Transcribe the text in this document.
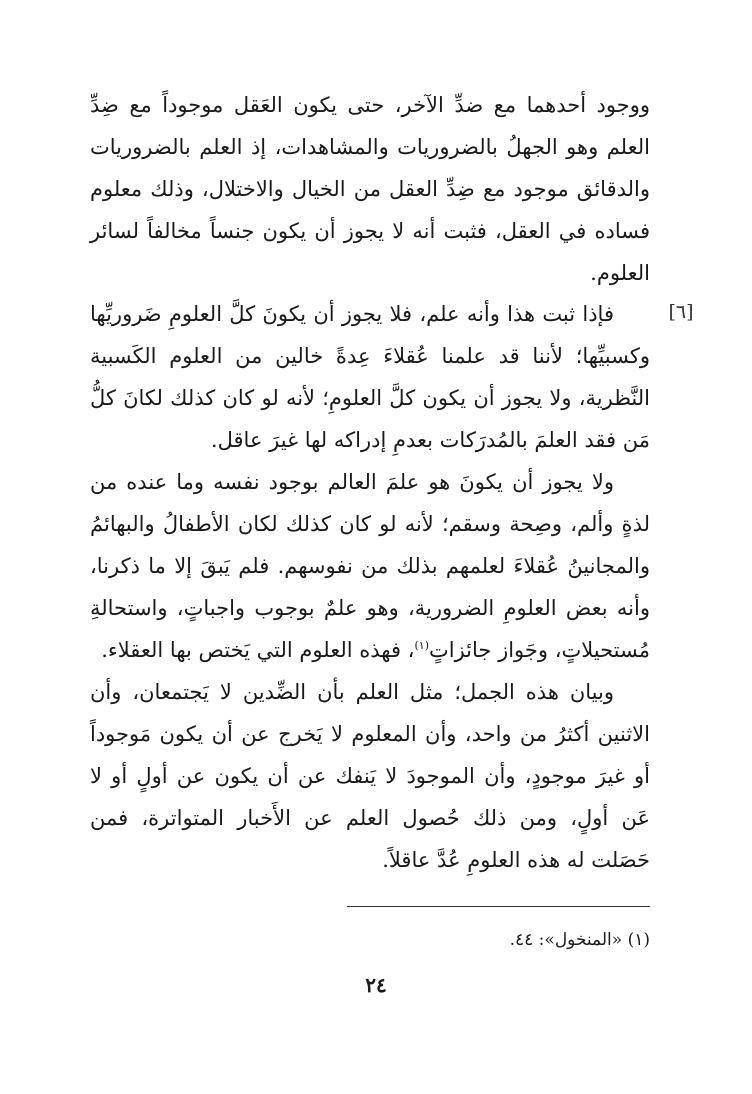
ووجود أحدهما مع ضدِّ الآخر، حتى يكون العَقل موجوداً مع ضِدِّ العلم وهو الجهلُ بالضروريات والمشاهدات، إذ العلم بالضروريات والدقائق موجود مع ضِدِّ العقل من الخيال والاختلال، وذلك معلوم فساده في العقل، فثبت أنه لا يجوز أن يكون جنساً مخالفاً لسائر العلوم.

[٦]

فإذا ثبت هذا وأنه علم، فلا يجوز أن يكونَ كلَّ العلومِ ضَروريِّها وكسبيِّها؛ لأننا قد علمنا عُقلاءَ عِدةً خالين من العلوم الكَسبية النَّظرية، ولا يجوز أن يكون كلَّ العلومِ؛ لأنه لو كان كذلك لكانَ كلُّ مَن فقد العلمَ بالمُدرَكات بعدمِ إدراكه لها غيرَ عاقل.

ولا يجوز أن يكونَ هو علمَ العالم بوجود نفسه وما عنده من لذةٍ وألم، وصِحة وسقم؛ لأنه لو كان كذلك لكان الأطفالُ والبهائمُ والمجانينُ عُقلاءَ لعلمهم بذلك من نفوسهم. فلم يَبقَ إلا ما ذكرنا، وأنه بعض العلومِ الضرورية، وهو علمٌ بوجوب واجباتٍ، واستحالةِ مُستحيلاتٍ، وجَواز جائزاتٍ$^{(١)}$، فهذه العلوم التي يَختص بها العقلاء.

وبيان هذه الجمل؛ مثل العلم بأن الضِّدين لا يَجتمعان، وأن الاثنين أكثرُ من واحد، وأن المعلوم لا يَخرج عن أن يكون مَوجوداً أو غيرَ موجودٍ، وأن الموجودَ لا يَنفك عن أن يكون عن أولٍ أو لا عَن أولٍ، ومن ذلك حُصول العلم عن الأَخبار المتواترة، فمن حَصَلت له هذه العلومِ عُدَّ عاقلاً.

(١) «المنخول»: ٤٤.

٢٤
